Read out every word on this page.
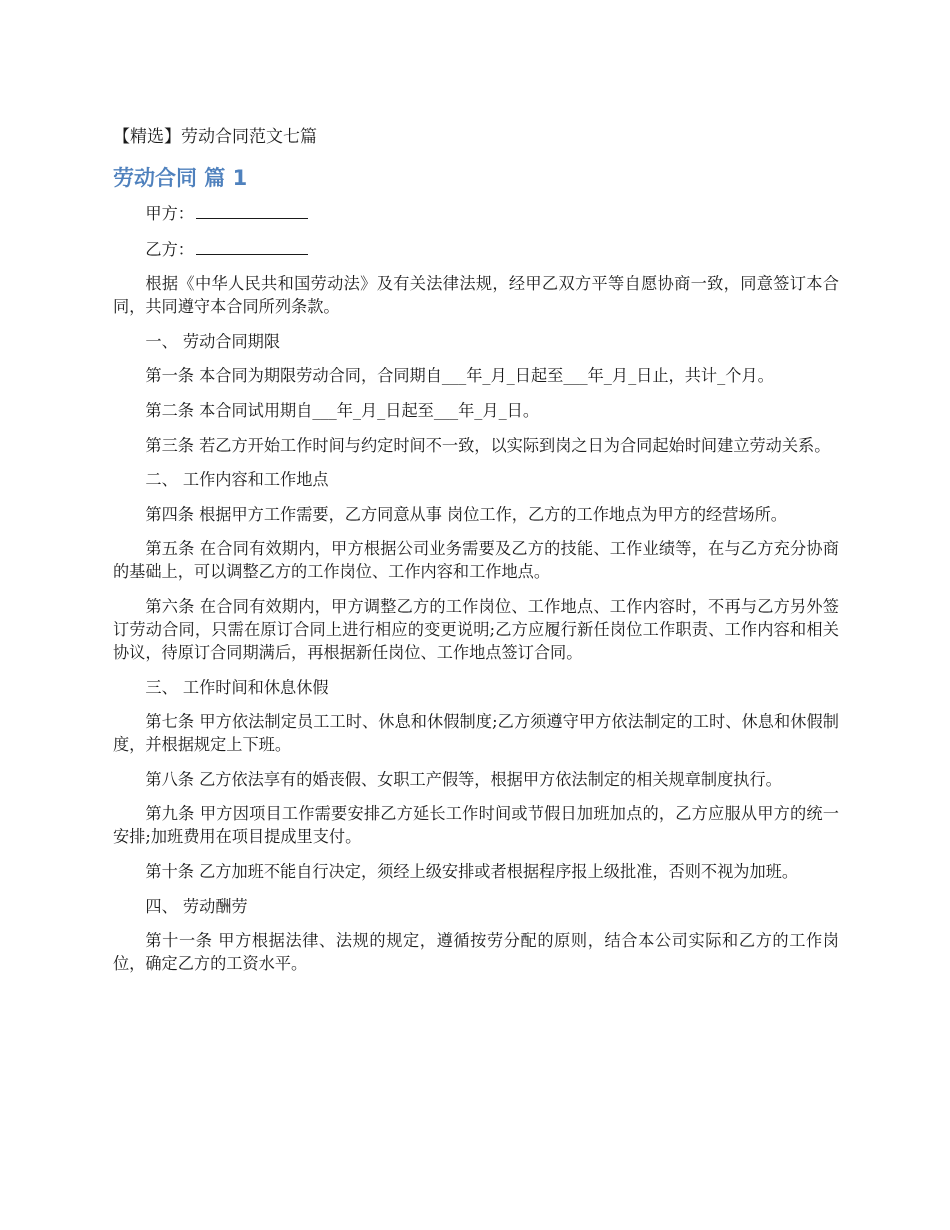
【精选】劳动合同范文七篇
劳动合同 篇 1

甲方：

乙方：

根据《中华人民共和国劳动法》及有关法律法规，经甲乙双方平等自愿协商一致，同意签订本合同，共同遵守本合同所列条款。

一、 劳动合同期限

第一条 本合同为期限劳动合同，合同期自___年_月_日起至___年_月_日止，共计_个月。

第二条 本合同试用期自___年_月_日起至___年_月_日。

第三条 若乙方开始工作时间与约定时间不一致，以实际到岗之日为合同起始时间建立劳动关系。

二、 工作内容和工作地点

第四条 根据甲方工作需要，乙方同意从事 岗位工作，乙方的工作地点为甲方的经营场所。

第五条 在合同有效期内，甲方根据公司业务需要及乙方的技能、工作业绩等，在与乙方充分协商的基础上，可以调整乙方的工作岗位、工作内容和工作地点。

第六条 在合同有效期内，甲方调整乙方的工作岗位、工作地点、工作内容时，不再与乙方另外签订劳动合同，只需在原订合同上进行相应的变更说明;乙方应履行新任岗位工作职责、工作内容和相关协议，待原订合同期满后，再根据新任岗位、工作地点签订合同。

三、 工作时间和休息休假

第七条 甲方依法制定员工工时、休息和休假制度;乙方须遵守甲方依法制定的工时、休息和休假制度，并根据规定上下班。

第八条 乙方依法享有的婚丧假、女职工产假等，根据甲方依法制定的相关规章制度执行。

第九条 甲方因项目工作需要安排乙方延长工作时间或节假日加班加点的，乙方应服从甲方的统一安排;加班费用在项目提成里支付。

第十条 乙方加班不能自行决定，须经上级安排或者根据程序报上级批准，否则不视为加班。

四、 劳动酬劳

第十一条 甲方根据法律、法规的规定，遵循按劳分配的原则，结合本公司实际和乙方的工作岗位，确定乙方的工资水平。
